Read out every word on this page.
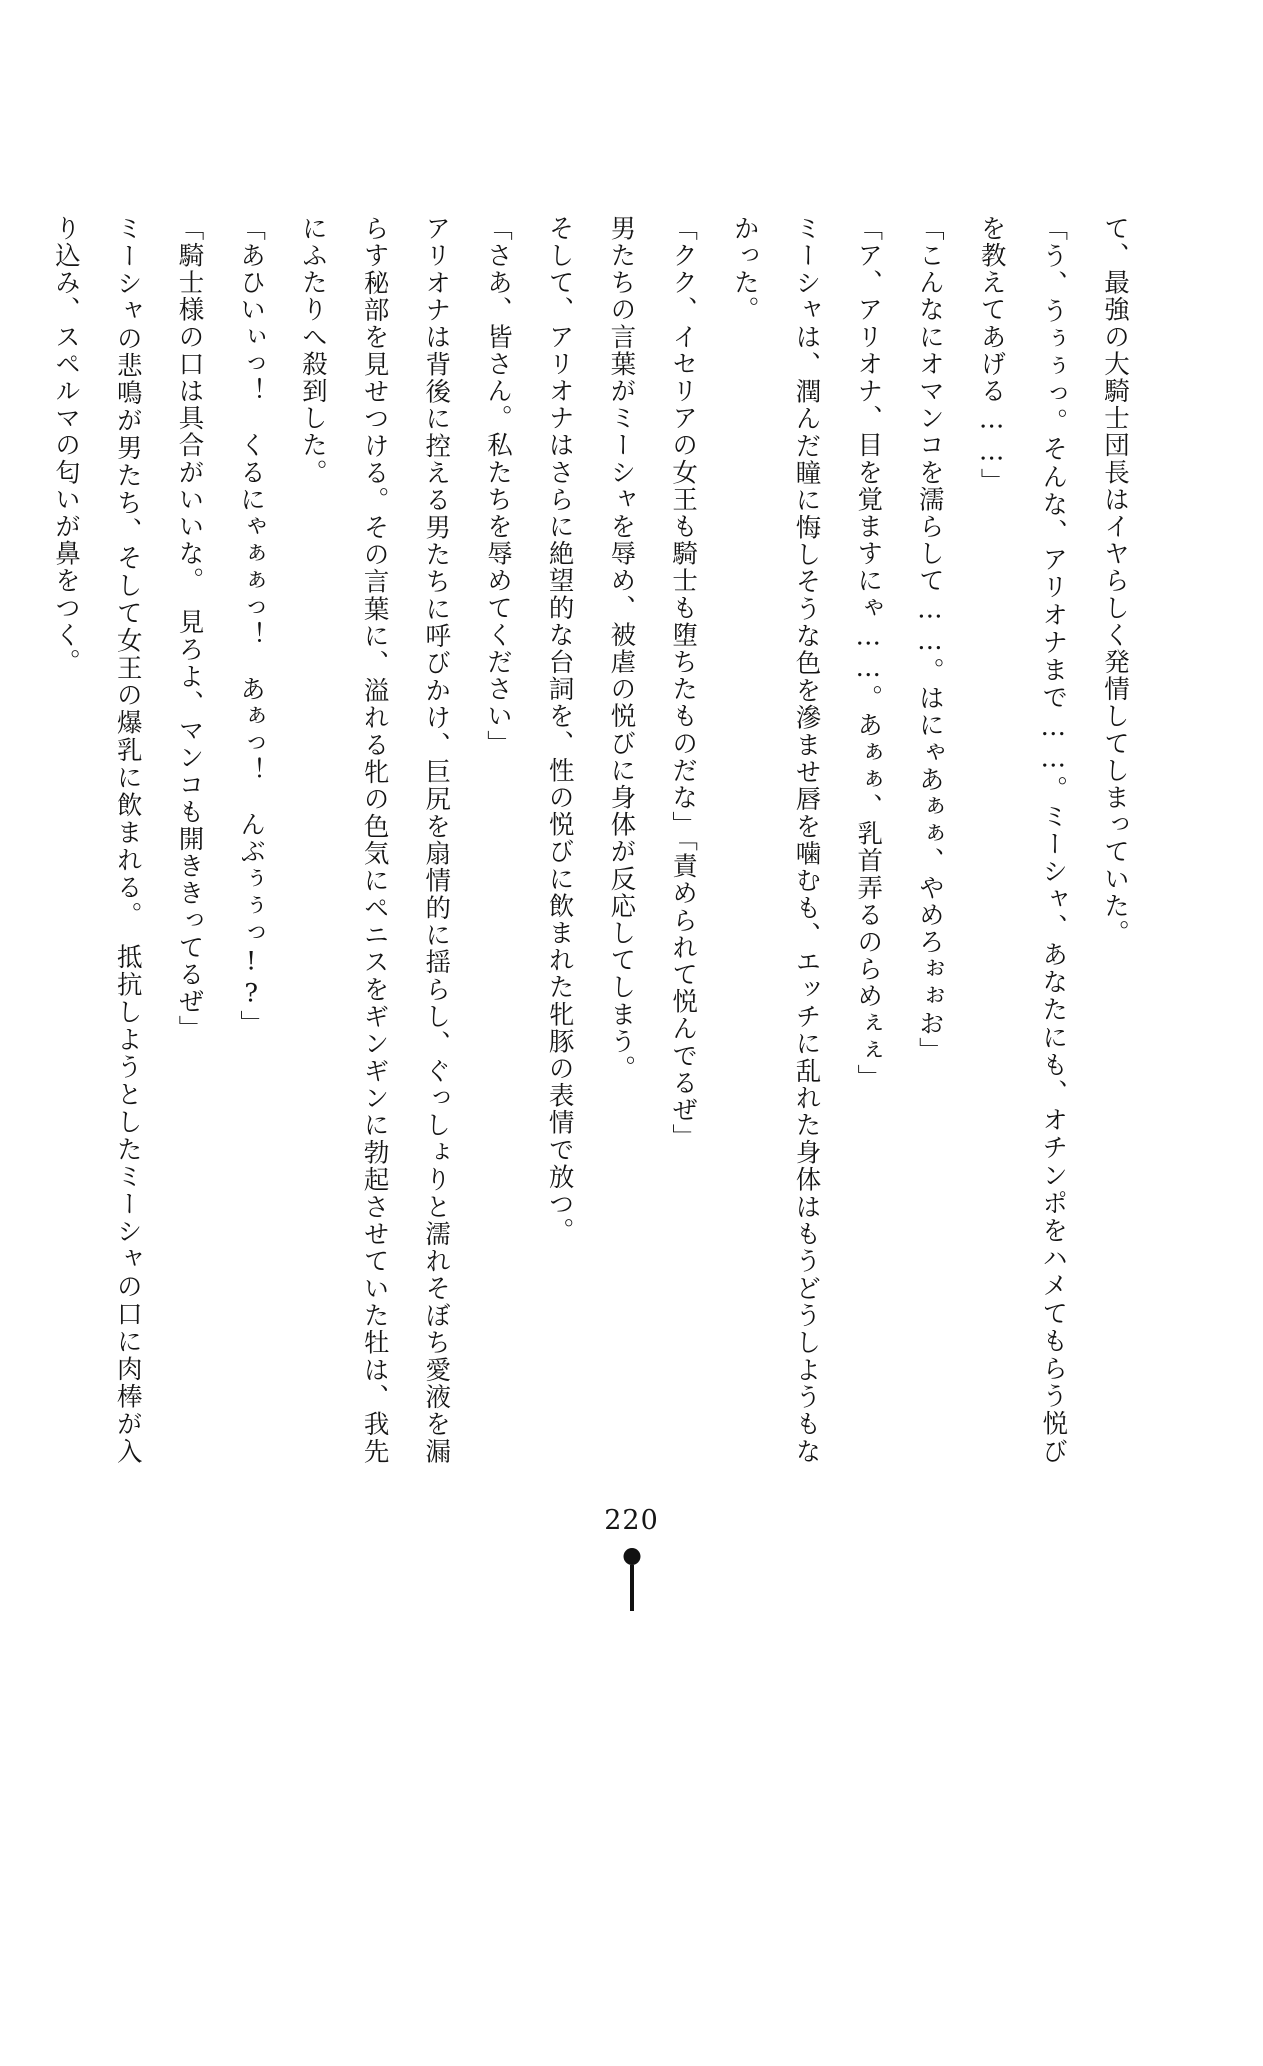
て、最強の大騎士団長はイヤらしく発情してしまっていた。

「う、うぅぅっ。そんな、アリオナまで……。ミーシャ、あなたにも、オチンポをハメてもらう悦びを教えてあげる……」

「こんなにオマンコを濡らして……。はにゃあぁぁ、やめろぉぉお」

「ア、アリオナ、目を覚ますにゃ……。あぁぁ、乳首弄るのらめぇぇ」

ミーシャは、潤んだ瞳に悔しそうな色を滲ませ唇を噛むも、エッチに乱れた身体はもうどうしようもなかった。

「クク、イセリアの女王も騎士も堕ちたものだな」「責められて悦んでるぜ」

男たちの言葉がミーシャを辱め、被虐の悦びに身体が反応してしまう。

そして、アリオナはさらに絶望的な台詞を、性の悦びに飲まれた牝豚の表情で放つ。

「さあ、皆さん。私たちを辱めてください」

アリオナは背後に控える男たちに呼びかけ、巨尻を扇情的に揺らし、ぐっしょりと濡れそぼち愛液を漏らす秘部を見せつける。その言葉に、溢れる牝の色気にペニスをギンギンに勃起させていた牡は、我先にふたりへ殺到した。

「あひいぃっ！　くるにゃぁぁっ！　あぁっ！　んぶぅぅっ!?」

「騎士様の口は具合がいいな。　見ろよ、マンコも開ききってるぜ」

ミーシャの悲鳴が男たち、そして女王の爆乳に飲まれる。　抵抗しようとしたミーシャの口に肉棒が入り込み、スペルマの匂いが鼻をつく。

220
